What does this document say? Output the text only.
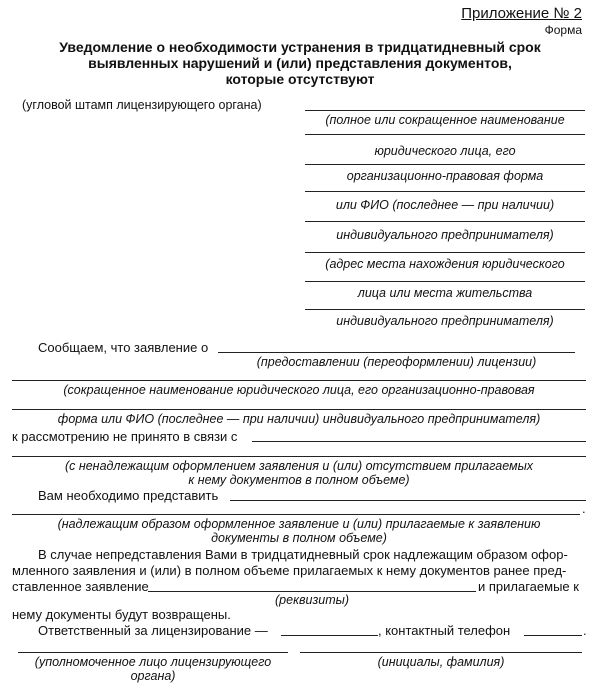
Приложение № 2
Форма
Уведомление о необходимости устранения в тридцатидневный срок
выявленных нарушений и (или) представления документов,
которые отсутствуют
(угловой штамп лицензирующего органа)
(полное или сокращенное наименование
юридического лица, его
организационно-правовая форма
или ФИО (последнее — при наличии)
индивидуального предпринимателя)
(адрес места нахождения юридического
лица или места жительства
индивидуального предпринимателя)
Сообщаем, что заявление о
(предоставлении (переоформлении) лицензии)
(сокращенное наименование юридического лица, его организационно-правовая
форма или ФИО (последнее — при наличии) индивидуального предпринимателя)
к рассмотрению не принято в связи с
(с ненадлежащим оформлением заявления и (или) отсутствием прилагаемых
к нему документов в полном объеме)
Вам необходимо представить
.
(надлежащим образом оформленное заявление и (или) прилагаемые к заявлению
документы в полном объеме)
В случае непредставления Вами в тридцатидневный срок надлежащим образом офор-
мленного заявления и (или) в полном объеме прилагаемых к нему документов ранее пред-
ставленное заявление	и прилагаемые к
(реквизиты)
нему документы будут возвращены.
Ответственный за лицензирование —	, контактный телефон	.
(уполномоченное лицо лицензирующего
органа)
(инициалы, фамилия)
